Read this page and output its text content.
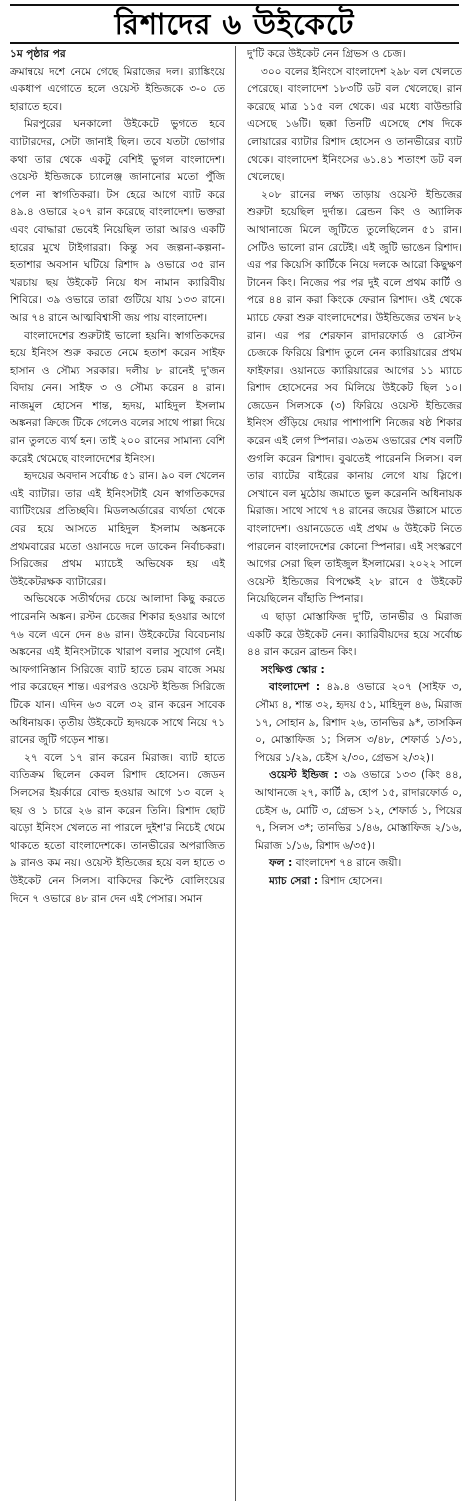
রিশাদের ৬ উইকেটে

১ম পৃষ্ঠার পর
ক্রমান্বয়ে দশে নেমে গেছে মিরাজের দল। র‍্যাঙ্কিংয়ে একধাপ এগোতে হলে ওয়েস্ট ইন্ডিজকে ৩-০ তে হারাতে হবে।

মিরপুরের ঘনকালো উইকেটে ভুগতে হবে ব্যাটারদের, সেটা জানাই ছিল। তবে যতটা ভোগার কথা তার থেকে একটু বেশিই ভুগল বাংলাদেশ। ওয়েস্ট ইন্ডিজকে চ্যালেঞ্জ জানানোর মতো পুঁজি পেল না স্বাগতিকরা। টস হেরে আগে ব্যাট করে ৪৯.৪ ওভারে ২০৭ রান করেছে বাংলাদেশ। ভক্তরা এবং বোদ্ধারা ভেবেই নিয়েছিল তারা আরও একটি হারের মুখে টাইগাররা। কিন্তু সব জল্পনা-কল্পনা-হতাশার অবসান ঘটিয়ে রিশাদ ৯ ওভারে ৩৫ রান খরচায় ছয় উইকেট নিয়ে ধস নামান ক্যারিবীয় শিবিরে। ৩৯ ওভারে তারা গুটিয়ে যায় ১৩৩ রানে। আর ৭৪ রানে আত্মবিশ্বাসী জয় পায় বাংলাদেশ।

বাংলাদেশের শুরুটাই ভালো হয়নি। স্বাগতিকদের হয়ে ইনিংস শুরু করতে নেমে হতাশ করেন সাইফ হাসান ও সৌম্য সরকার। দলীয় ৮ রানেই দু'জন বিদায় নেন। সাইফ ৩ ও সৌম্য করেন ৪ রান। নাজমুল হোসেন শান্ত, হৃদয়, মাহিদুল ইসলাম অঙ্কনরা ক্রিজে টিকে গেলেও বলের সাথে পাল্লা দিয়ে রান তুলতে ব্যর্থ হন। তাই ২০০ রানের সামান্য বেশি করেই থেমেছে বাংলাদেশের ইনিংস।

হৃদয়ের অবদান সর্বোচ্চ ৫১ রান। ৯০ বল খেলেন এই ব্যাটার। তার এই ইনিংসটাই যেন স্বাগতিকদের ব্যাটিংয়ের প্রতিচ্ছবি। মিডলঅর্ডারের ব্যর্থতা থেকে বের হয়ে আসতে মাহিদুল ইসলাম অঙ্কনকে প্রথমবারের মতো ওয়ানডে দলে ডাকেন নির্বাচকরা। সিরিজের প্রথম ম্যাচেই অভিষেক হয় এই উইকেটরক্ষক ব্যাটারের।

অভিষেকে সতীর্থদের চেয়ে আলাদা কিছু করতে পারেননি অঙ্কন। রস্টন চেজের শিকার হওয়ার আগে ৭৬ বলে এনে দেন ৪৬ রান। উইকেটের বিবেচনায় অঙ্কনের এই ইনিংসটাকে খারাপ বলার সুযোগ নেই। আফগানিস্তান সিরিজে ব্যাট হাতে চরম বাজে সময় পার করেছেন শান্ত। এরপরও ওয়েস্ট ইন্ডিজ সিরিজে টিকে যান। এদিন ৬৩ বলে ৩২ রান করেন সাবেক অধিনায়ক। তৃতীয় উইকেটে হৃদয়কে সাথে নিয়ে ৭১ রানের জুটি গড়েন শান্ত।

২৭ বলে ১৭ রান করেন মিরাজ। ব্যাট হাতে ব্যতিক্রম ছিলেন কেবল রিশাদ হোসেন। জেডন সিলসের ইয়র্কারে বোল্ড হওয়ার আগে ১৩ বলে ২ ছয় ও ১ চারে ২৬ রান করেন তিনি। রিশাদ ছোট ঝড়ো ইনিংস খেলতে না পারলে দুইশ'র নিচেই থেমে থাকতে হতো বাংলাদেশকে। তানভীরের অপরাজিত ৯ রানও কম নয়। ওয়েস্ট ইন্ডিজের হয়ে বল হাতে ৩ উইকেট নেন সিলস। বাকিদের কিপ্টে বোলিংয়ের দিনে ৭ ওভারে ৪৮ রান দেন এই পেসার। সমান

দু'টি করে উইকেট নেন গ্রিভস ও চেজ।

৩০০ বলের ইনিংসে বাংলাদেশ ২৯৮ বল খেলতে পেরেছে। বাংলাদেশ ১৮৩টি ডট বল খেলেছে। রান করেছে মাত্র ১১৫ বল থেকে। এর মধ্যে বাউন্ডারি এসেছে ১৬টি। ছক্কা তিনটি এসেছে শেষ দিকে লোয়ারের ব্যাটার রিশাদ হোসেন ও তানভীরের ব্যাট থেকে। বাংলাদেশ ইনিংসের ৬১.৪১ শতাংশ ডট বল খেলেছে।

২০৮ রানের লক্ষ্য তাড়ায় ওয়েস্ট ইন্ডিজের শুরুটা হয়েছিল দুর্দান্ত। ব্রেন্ডন কিং ও অ্যালিক আথানাজে মিলে জুটিতে তুলেছিলেন ৫১ রান। সেটিও ভালো রান রেটেই। এই জুটি ভাঙেন রিশাদ। এর পর কিয়েসি কার্টিকে নিয়ে দলকে আরো কিছুক্ষণ টানেন কিং। নিজের পর পর দুই বলে প্রথম কার্টি ও পরে ৪৪ রান করা কিংকে ফেরান রিশাদ। ওই থেকে ম্যাচে ফেরা শুরু বাংলাদেশের। উইন্ডিজের তখন ৮২ রান। এর পর শেরফান রাদারফোর্ড ও রোস্টন চেজকে ফিরিয়ে রিশাদ তুলে নেন ক্যারিয়ারের প্রথম ফাইফার। ওয়ানডে ক্যারিয়ারের আগের ১১ ম্যাচে রিশাদ হোসেনের সব মিলিয়ে উইকেট ছিল ১০। জেডেন সিলসকে (৩) ফিরিয়ে ওয়েস্ট ইন্ডিজের ইনিংস গুঁড়িয়ে দেয়ার পাশাপাশি নিজের ষষ্ঠ শিকার করেন এই লেগ স্পিনার। ৩৯তম ওভারের শেষ বলটি গুগলি করেন রিশাদ। বুঝতেই পারেননি সিলস। বল তার ব্যাটের বাইরের কানায় লেগে যায় স্লিপে। সেখানে বল মুঠোয় জমাতে ভুল করেননি অধিনায়ক মিরাজ। সাথে সাথে ৭৪ রানের জয়ের উল্লাসে মাতে বাংলাদেশ। ওয়ানডেতে এই প্রথম ৬ উইকেট নিতে পারলেন বাংলাদেশের কোনো স্পিনার। এই সংস্করণে আগের সেরা ছিল তাইজুল ইসলামের। ২০২২ সালে ওয়েস্ট ইন্ডিজের বিপক্ষেই ২৮ রানে ৫ উইকেট নিয়েছিলেন বাঁহাতি স্পিনার।

এ ছাড়া মোস্তাফিজ দু'টি, তানভীর ও মিরাজ একটি করে উইকেট নেন। ক্যারিবীয়দের হয়ে সর্বোচ্চ ৪৪ রান করেন ব্রান্ডন কিং।

সংক্ষিপ্ত স্কোর :

বাংলাদেশ : ৪৯.৪ ওভারে ২০৭ (সাইফ ৩, সৌম্য ৪, শান্ত ৩২, হৃদয় ৫১, মাহিদুল ৪৬, মিরাজ ১৭, সোহান ৯, রিশাদ ২৬, তানভির ৯*, তাসকিন ০, মোস্তাফিজ ১; সিলস ৩/৪৮, শেফার্ড ১/৩১, পিয়ের ১/২৯, চেইস ২/৩০, গ্রেভস ২/৩২)।

ওয়েস্ট ইন্ডিজ : ৩৯ ওভারে ১৩৩ (কিং ৪৪, আথানজে ২৭, কার্টি ৯, হোপ ১৫, রাদারফোর্ড ০, চেইস ৬, মোটি ৩, গ্রেভস ১২, শেফার্ড ১, পিয়ের ৭, সিলস ৩*; তানভির ১/৪৬, মোস্তাফিজ ২/১৬, মিরাজ ১/১৬, রিশাদ ৬/৩৫)।

ফল : বাংলাদেশ ৭৪ রানে জয়ী।

ম্যাচ সেরা : রিশাদ হোসেন।
